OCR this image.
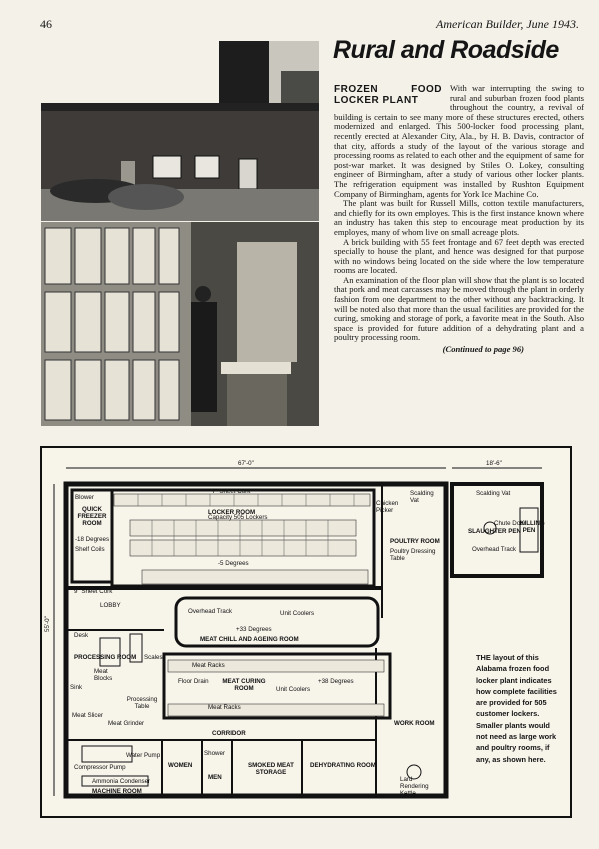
46	American Builder, June 1943.
Rural and Roadside
FROZEN FOOD LOCKER PLANT

With war interrupting the swing to rural and suburban frozen food plants throughout the country, a revival of building is certain to see many more of these structures erected, others modernized and enlarged. This 500-locker food processing plant, recently erected at Alexander City, Ala., by H. B. Davis, contractor of that city, affords a study of the layout of the various storage and processing rooms as related to each other and the equipment of same for post-war market. It was designed by Stiles O. Lokey, consulting engineer of Birmingham, after a study of various other locker plants. The refrigeration equipment was installed by Rushton Equipment Company of Birmingham, agents for York Ice Machine Co.

The plant was built for Russell Mills, cotton textile manufacturers, and chiefly for its own employes. This is the first instance known where an industry has taken this step to encourage meat production by its employes, many of whom live on small acreage plots.

A brick building with 55 feet frontage and 67 feet depth was erected specially to house the plant, and hence was designed for that purpose with no windows being located on the side where the low temperature rooms are located.

An examination of the floor plan will show that the plant is so located that pork and meat carcasses may be moved through the plant in orderly fashion from one department to the other without any backtracking. It will be noted also that more than the usual facilities are provided for the curing, smoking and storage of pork, a favorite meat in the South. Also space is provided for future addition of a dehydrating plant and a poultry processing room.

(Continued to page 96)
67'-0"	18'-6"
55'-0"
Blower
QUICK FREEZER ROOM
-18 Degrees
Shelf Coils
7" Sheet Cork
LOCKER ROOM
Capacity 505 Lockers
-5 Degrees
9" Sheet Cork
Chicken Picker
Scalding Vat
POULTRY ROOM
Poultry Dressing Table
Scalding Vat
Chute Door
SLAUGHTER PEN
Overhead Track
KILLING PEN
LOBBY
Overhead Track	Unit Coolers
+33 Degrees
MEAT CHILL AND AGEING ROOM
Desk
PROCESSING ROOM Scales
Meat Blocks
Sink
Processing Table
Meat Racks
Floor Drain	MEAT CURING ROOM
+38 Degrees
Unit Coolers
Meat Racks
Meat Slicer
Meat Grinder
CORRIDOR
WORK ROOM
Water Pump
Compressor Pump
Ammonia Condenser
MACHINE ROOM
WOMEN
Shower
MEN
SMOKED MEAT STORAGE
DEHYDRATING ROOM
Lard Rendering Kettle
THE layout of this Alabama frozen food locker plant indicates how complete facilities are provided for 505 customer lockers. Smaller plants would not need as large work and poultry rooms, if any, as shown here.
